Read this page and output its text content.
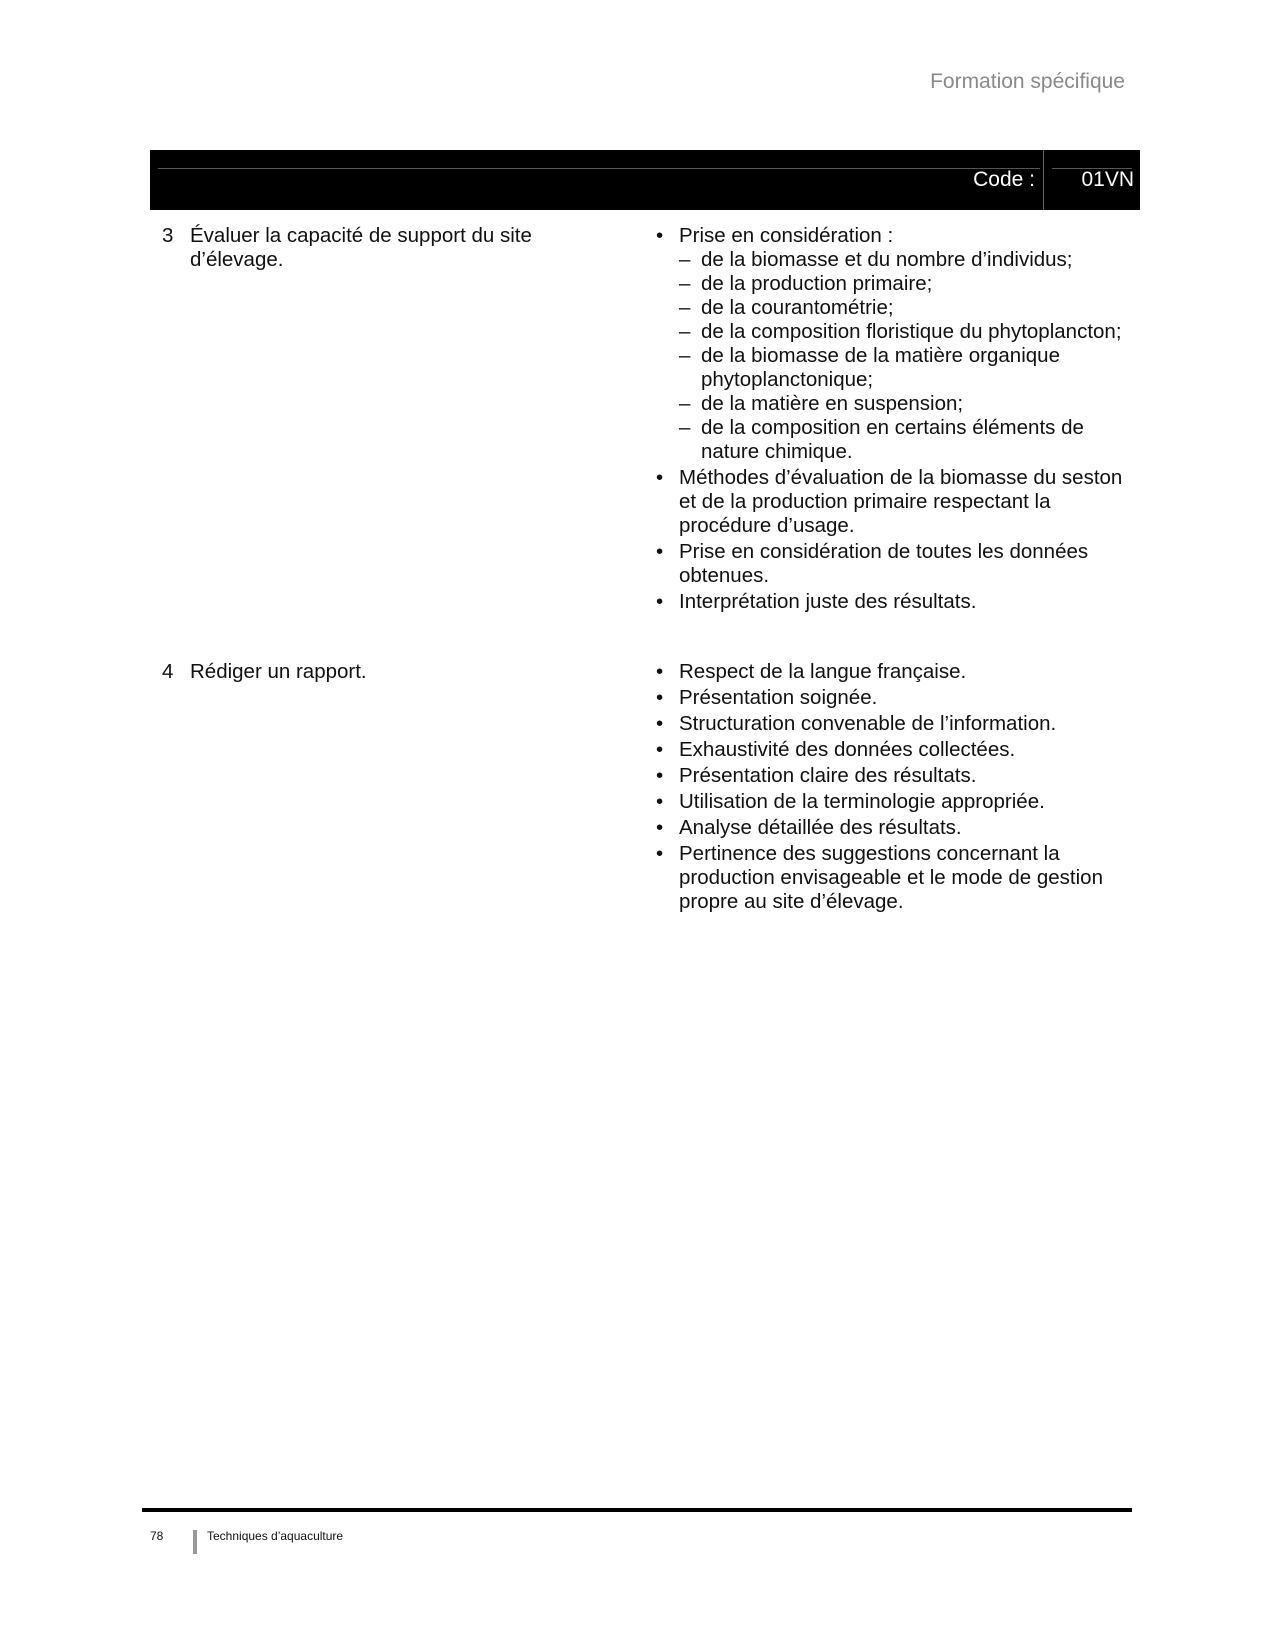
Formation spécifique
Code :	01VN
3 Évaluer la capacité de support du site d’élevage.
• Prise en considération :
– de la biomasse et du nombre d’individus;
– de la production primaire;
– de la courantométrie;
– de la composition floristique du phytoplancton;
– de la biomasse de la matière organique phytoplanctonique;
– de la matière en suspension;
– de la composition en certains éléments de nature chimique.
• Méthodes d’évaluation de la biomasse du seston et de la production primaire respectant la procédure d’usage.
• Prise en considération de toutes les données obtenues.
• Interprétation juste des résultats.
4 Rédiger un rapport.
•	Respect de la langue française.
• Présentation soignée.
• Structuration convenable de l’information.
• Exhaustivité des données collectées.
• Présentation claire des résultats.
• Utilisation de la terminologie appropriée.
• Analyse détaillée des résultats.
• Pertinence des suggestions concernant la production envisageable et le mode de gestion propre au site d’élevage.
78	Techniques d’aquaculture
